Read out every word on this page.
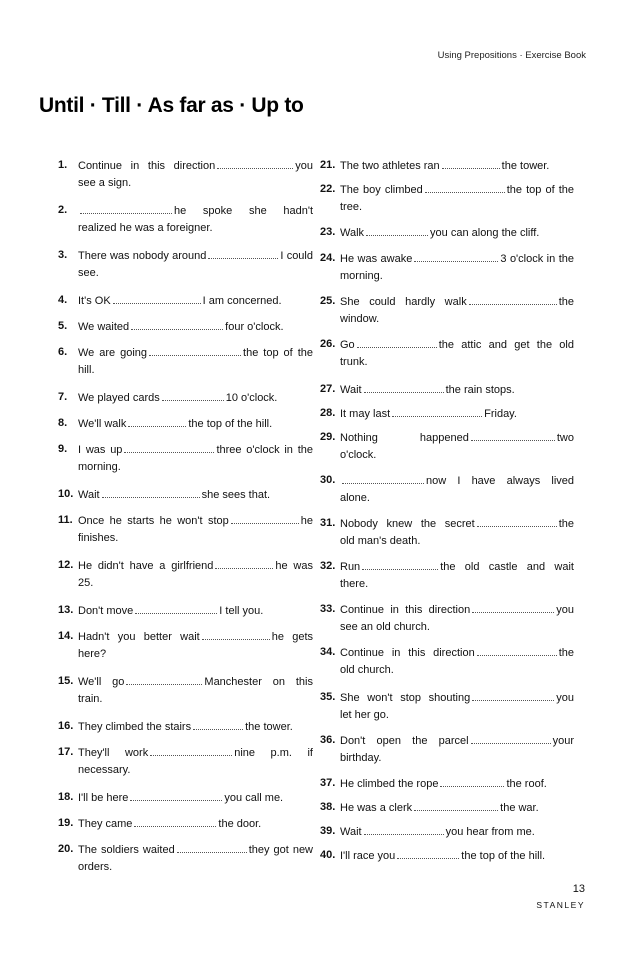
Using Prepositions · Exercise Book
Until · Till · As far as · Up to
1. Continue in this direction	you see a sign.
2.	he spoke she hadn't realized he was a foreigner.
3. There was nobody around	I could see.
4. It's OK	I am concerned.
5. We waited	four o'clock.
6. We are going	the top of the hill.
7. We played cards	10 o'clock.
8. We'll walk	the top of the hill.
9. I was up	three o'clock in the morning.
10. Wait	she sees that.
11. Once he starts he won't stop	he finishes.
12. He didn't have a girlfriend	he was 25.
13. Don't move	I tell you.
14. Hadn't you better wait	he gets here?
15. We'll go	Manchester on this train.
16. They climbed the stairs	the tower.
17. They'll work	nine p.m. if necessary.
18. I'll be here	you call me.
19. They came	the door.
20. The soldiers waited	they got new orders.
21. The two athletes ran	the tower.
22. The boy climbed	the top of the tree.
23. Walk	you can along the cliff.
24. He was awake	3 o'clock in the morning.
25. She could hardly walk	the window.
26. Go	the attic and get the old trunk.
27. Wait	the rain stops.
28. It may last	Friday.
29. Nothing happened	two o'clock.
30.	now I have always lived alone.
31. Nobody knew the secret	the old man's death.
32. Run	the old castle and wait there.
33. Continue in this direction	you see an old church.
34. Continue in this direction	the old church.
35. She won't stop shouting	you let her go.
36. Don't open the parcel	your birthday.
37. He climbed the rope	the roof.
38. He was a clerk	the war.
39. Wait	you hear from me.
40. I'll race you	the top of the hill.
13
STANLEY
